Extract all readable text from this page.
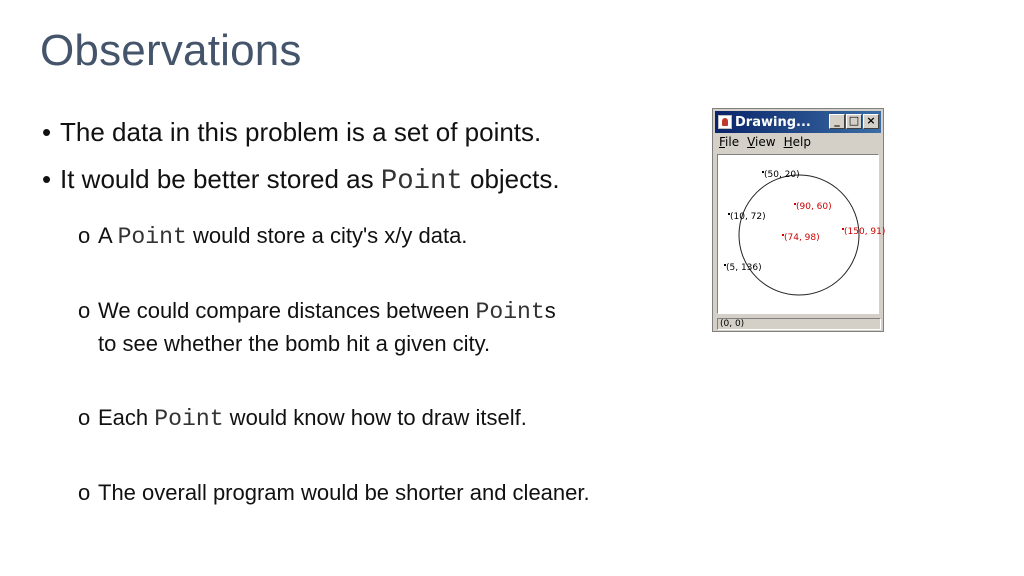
Observations
• The data in this problem is a set of points.
• It would be better stored as Point objects.
o A Point would store a city's x/y data.
o We could compare distances between Points
to see whether the bomb hit a given city.
o Each Point would know how to draw itself.
o The overall program would be shorter and cleaner.
Drawing...	_ □ ×
File View Help
(50, 20)
(90, 60)
(10, 72)
(150, 91)
(74, 98)
(5, 136)
(0, 0)
